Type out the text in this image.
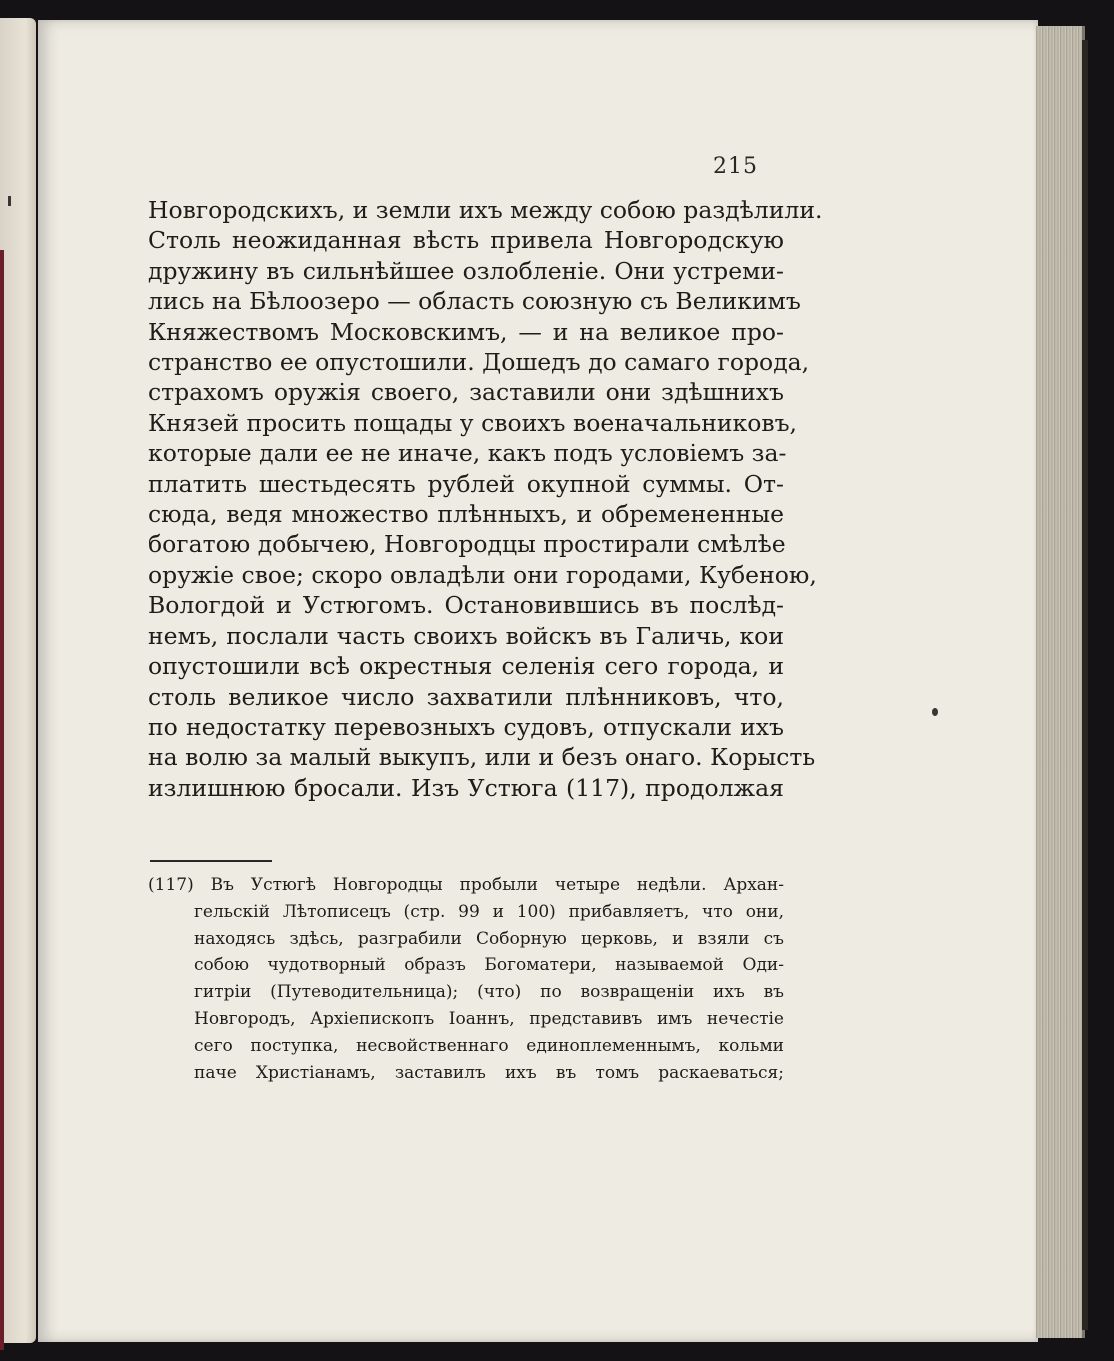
215
Новгородскихъ, и земли ихъ между собою раздѣлили.
Столь неожиданная вѣсть привела Новгородскую
дружину въ сильнѣйшее озлобленіе. Они устреми-
лись на Бѣлоозеро — область союзную съ Великимъ
Княжествомъ Московскимъ, — и на великое про-
странство ее опустошили. Дошедъ до самаго города,
страхомъ оружія своего, заставили они здѣшнихъ
Князей просить пощады у своихъ военачальниковъ,
которые дали ее не иначе, какъ подъ условіемъ за-
платить шестьдесять рублей окупной суммы. От-
сюда, ведя множество плѣнныхъ, и обремененные
богатою добычею, Новгородцы простирали смѣлѣе
оружіе свое; скоро овладѣли они городами, Кубеною,
Вологдой и Устюгомъ. Остановившись въ послѣд-
немъ, послали часть своихъ войскъ въ Галичь, кои
опустошили всѣ окрестныя селенія сего города, и
столь великое число захватили плѣнниковъ, что,
по недостатку перевозныхъ судовъ, отпускали ихъ
на волю за малый выкупъ, или и безъ онаго. Корысть
излишнюю бросали. Изъ Устюга (117), продолжая
(117) Въ Устюгѣ Новгородцы пробыли четыре недѣли. Архан-
гельскій Лѣтописецъ (стр. 99 и 100) прибавляетъ, что они,
находясь здѣсь, разграбили Соборную церковь, и взяли съ
собою чудотворный образъ Богоматери, называемой Оди-
гитріи (Путеводительница); (что) по возвращеніи ихъ въ
Новгородъ, Архіепископъ Іоаннъ, представивъ имъ нечестіе
сего поступка, несвойственнаго единоплеменнымъ, кольми
паче Христіанамъ, заставилъ ихъ въ томъ раскаеваться;
